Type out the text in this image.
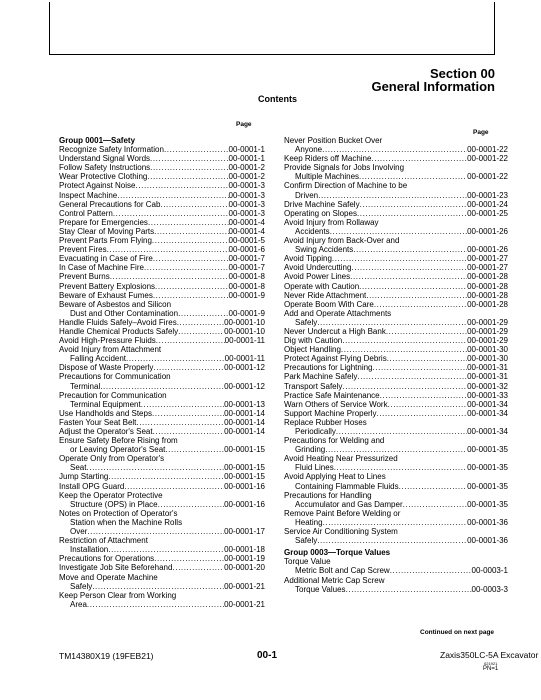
Section 00
General Information
Contents
Page
Page
Group 0001—Safety
Recognize Safety Information .....	00-0001-1
Understand Signal Words .....	00-0001-1
Follow Safety Instructions .....	00-0001-2
Wear Protective Clothing .....	00-0001-2
Protect Against Noise .....	00-0001-3
Inspect Machine .....	00-0001-3
General Precautions for Cab .....	00-0001-3
Control Pattern .....	00-0001-3
Prepare for Emergencies .....	00-0001-4
Stay Clear of Moving Parts .....	00-0001-4
Prevent Parts From Flying .....	00-0001-5
Prevent Fires .....	00-0001-6
Evacuating in Case of Fire .....	00-0001-7
In Case of Machine Fire .....	00-0001-7
Prevent Burns .....	00-0001-8
Prevent Battery Explosions .....	00-0001-8
Beware of Exhaust Fumes .....	00-0001-9
Beware of Asbestos and Silicon
Dust and Other Contamination .....	00-0001-9
Handle Fluids Safely–Avoid Fires .....	00-0001-10
Handle Chemical Products Safely .....	00-0001-10
Avoid High-Pressure Fluids .....	00-0001-11
Avoid Injury from Attachment
Falling Accident .....	00-0001-11
Dispose of Waste Properly .....	00-0001-12
Precautions for Communication
Terminal .....	00-0001-12
Precaution for Communication
Terminal Equipment .....	00-0001-13
Use Handholds and Steps .....	00-0001-14
Fasten Your Seat Belt .....	00-0001-14
Adjust the Operator's Seat .....	00-0001-14
Ensure Safety Before Rising from
or Leaving Operator's Seat .....	00-0001-15
Operate Only from Operator's
Seat .....	00-0001-15
Jump Starting .....	00-0001-15
Install OPG Guard .....	00-0001-16
Keep the Operator Protective
Structure (OPS) in Place .....	00-0001-16
Notes on Protection of Operator's
Station when the Machine Rolls
Over .....	00-0001-17
Restriction of Attachment
Installation .....	00-0001-18
Precautions for Operations .....	00-0001-19
Investigate Job Site Beforehand .....	00-0001-20
Move and Operate Machine
Safely .....	00-0001-21
Keep Person Clear from Working
Area .....	00-0001-21
Never Position Bucket Over
Anyone .....	00-0001-22
Keep Riders off Machine .....	00-0001-22
Provide Signals for Jobs Involving
Multiple Machines .....	00-0001-22
Confirm Direction of Machine to be
Driven .....	00-0001-23
Drive Machine Safely .....	00-0001-24
Operating on Slopes .....	00-0001-25
Avoid Injury from Rollaway
Accidents .....	00-0001-26
Avoid Injury from Back-Over and
Swing Accidents .....	00-0001-26
Avoid Tipping .....	00-0001-27
Avoid Undercutting .....	00-0001-27
Avoid Power Lines .....	00-0001-28
Operate with Caution .....	00-0001-28
Never Ride Attachment .....	00-0001-28
Operate Boom With Care .....	00-0001-28
Add and Operate Attachments
Safely .....	00-0001-29
Never Undercut a High Bank .....	00-0001-29
Dig with Caution .....	00-0001-29
Object Handling .....	00-0001-30
Protect Against Flying Debris .....	00-0001-30
Precautions for Lightning .....	00-0001-31
Park Machine Safely .....	00-0001-31
Transport Safely .....	00-0001-32
Practice Safe Maintenance .....	00-0001-33
Warn Others of Service Work .....	00-0001-34
Support Machine Properly .....	00-0001-34
Replace Rubber Hoses
Periodically .....	00-0001-34
Precautions for Welding and
Grinding .....	00-0001-35
Avoid Heating Near Pressurized
Fluid Lines .....	00-0001-35
Avoid Applying Heat to Lines
Containing Flammable Fluids .....	00-0001-35
Precautions for Handling
Accumulator and Gas Damper .....	00-0001-35
Remove Paint Before Welding or
Heating .....	00-0001-36
Service Air Conditioning System
Safely .....	00-0001-36
Group 0003—Torque Values
Torque Value
Metric Bolt and Cap Screw .....	00-0003-1
Additional Metric Cap Screw
Torque Values .....	00-0003-3
Continued on next page
TM14380X19 (19FEB21)	00-1	Zaxis350LC-5A Excavator
021921
PN=1
